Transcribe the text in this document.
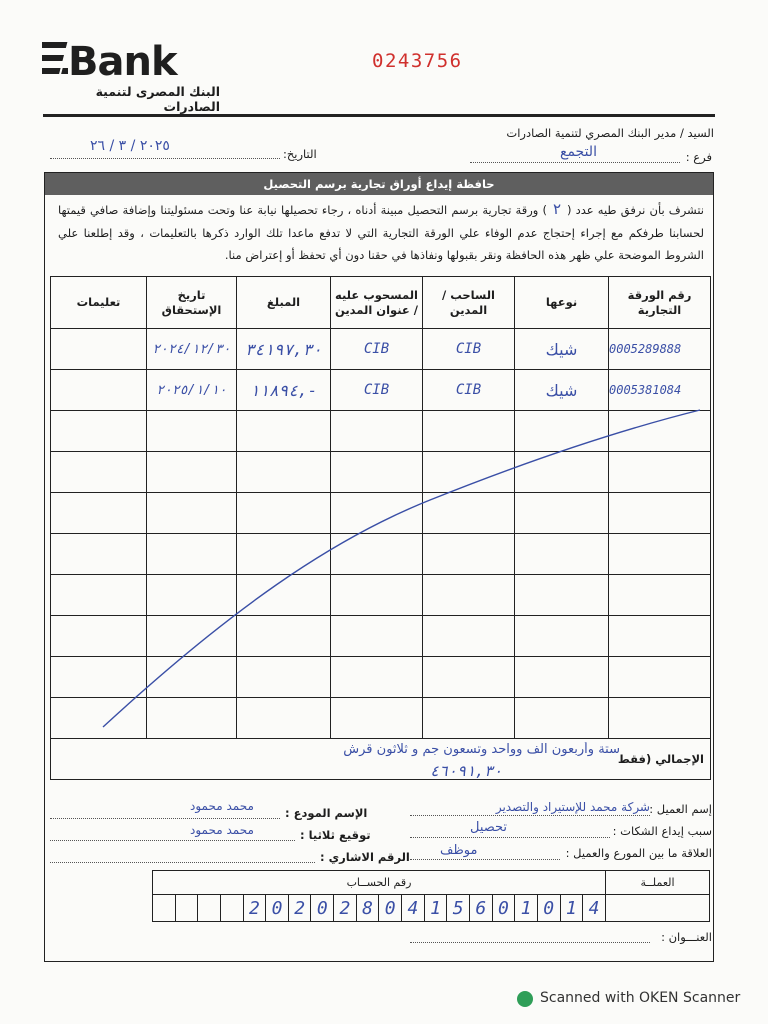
Bank
البنك المصرى لتنمية الصادرات
0243756
السيد / مدير البنك المصري لتنمية الصادرات
التاريخ:
٢٠٢٥ / ٣ / ٢٦
فرع :
التجمع
حافظة إيداع أوراق تجارية برسم التحصيل
نتشرف بأن نرفق طيه عدد (٢) ورقة تجارية برسم التحصيل مبينة أدناه ، رجاء تحصيلها نيابة عنا وتحت مسئوليتنا وإضافة صافي قيمتها لحسابنا طرفكم مع إجراء إحتجاج عدم الوفاء علي الورقة التجارية التي لا تدفع ماعدا تلك الوارد ذكرها بالتعليمات ، وقد إطلعنا علي الشروط الموضحة علي ظهر هذه الحافظة ونقر بقبولها ونفاذها في حقنا دون أي تحفظ أو إعتراض منا.
تعليمات	تاريخ الإستحقاق	المبلغ	المسحوب عليه / عنوان المدين	الساحب / المدين	نوعها	رقم الورقة التجارية
	٢٠٢٤/١٢/٣٠	٣٤١٩٧,٣٠	CIB	CIB	شيك	0005289888
	٢٠٢٥/١/١٠	١١٨٩٤,-	CIB	CIB	شيك	0005381084

الإجمالي (فقط						
ستة وأربعون الف وواحد وتسعون جم و ثلاثون قرش
٤٦٠٩١,٣٠
إسم العميل :
شركة محمد للإستيراد والتصدير
الإسم المودع :
محمد محمود
سبب إيداع الشكات :
تحصيل
توقيع ثلاثيا :
محمد محمود
العلاقة ما بين المورع والعميل :
موظف
الرقم الاشاري :
رقم الحســاب																				العملــة
				2	0	2	0	2	8	0	4	1	5	6	0	1	0	1	4	
العنـــوان :
Scanned with OKEN Scanner
